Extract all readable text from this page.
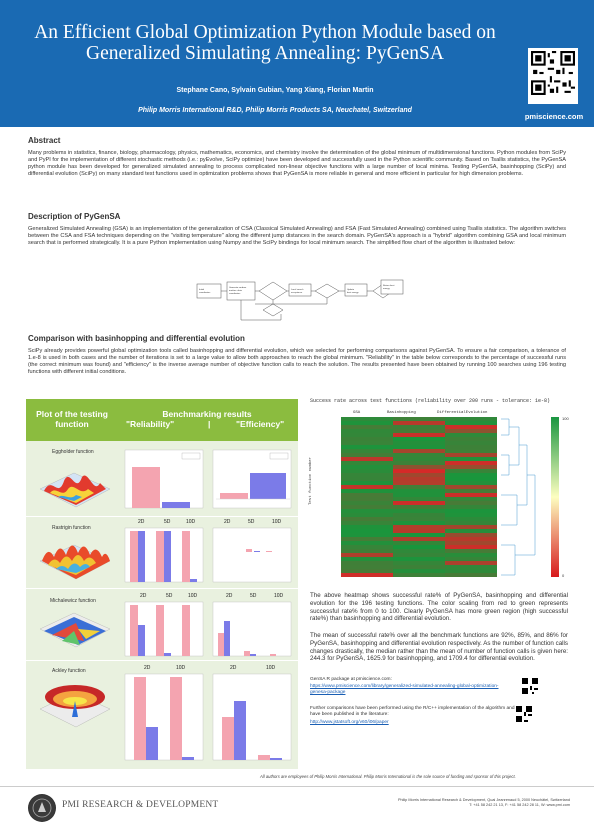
An Efficient Global Optimization Python Module based on
Generalized Simulating Annealing: PyGenSA
Stephane Cano, Sylvain Gubian, Yang Xiang, Florian Martin
Philip Morris International R&D, Philip Morris Products SA, Neuchatel, Switzerland
pmiscience.com
Abstract
Many problems in statistics, finance, biology, pharmacology, physics, mathematics, economics, and chemistry involve the determination of the global minimum of multidimensional functions. Python modules from SciPy and PyPI for the implementation of different stochastic methods (i.e.: pyEvolve, SciPy optimize) have been developed and successfully used in the Python scientific community. Based on Tsallis statistics, the PyGenSA python module has been developed for generalized simulated annealing to process complicated non-linear objective functions with a large number of local minima. Testing PyGenSA, basinhopping (SciPy) and differential evolution (SciPy) on many standard test functions used in optimization problems shows that PyGenSA is more reliable in general and more efficient in particular for high dimension problems.
Description of PyGenSA
Generalized Simulated Annealing (GSA) is an implementation of the generalization of CSA (Classical Simulated Annealing) and FSA (Fast Simulated Annealing) combined using Tsallis statistics. The algorithm switches between the CSA and FSA techniques depending on the "visiting temperature" along the different jump distances in the search domain. PyGenSA's approach is a "hybrid" algorithm combining GSA and local minimum search that is performed strategically. It is a pure Python implementation using Numpy and the SciPy bindings for local minimum search. The simplified flow chart of the algorithm is illustrated below:
Initial
coordinates
Generate random
markov chain
coordinates
Local search
acceptance
Update
best energy
Return best
energy
Comparison with basinhopping and differential evolution
SciPy already provides powerful global optimization tools called basinhopping and differential evolution, which we selected for performing comparisons against PyGenSA. To ensure a fair comparison, a tolerance of 1.e-8 is used in both cases and the number of iterations is set to a large value to allow both approaches to reach the global minimum. "Reliability" in the table below corresponds to the percentage of successful runs (the correct minimum was found) and "efficiency" is the inverse average number of objective function calls to reach the solution. The results presented have been obtained by running 100 searches using 196 testing functions with different initial conditions.
Plot of the testing function
Benchmarking results
"Reliability"	|	"Efficiency"
Eggholder function
Rastrigin function
Michalewicz function
Ackley function
2D	5D	10D	2D	5D	10D
2D	5D	10D	2D	5D	10D
2D	10D	2D	10D
Success rate across test functions (reliability over 200 runs - tolerance: 1e-8)
GSA	Basinhopping	DifferentialEvolution
Test function number
100
0
The above heatmap shows successful rate% of PyGenSA, basinhopping and differential evolution for the 196 testing functions. The color scaling from red to green represents successful rate% from 0 to 100. Clearly PyGenSA has more green region (high successful rate%) than basinhopping and differential evolution.
The mean of successful rate% over all the benchmark functions are 92%, 85%, and 86% for PyGenSA, basinhopping and differential evolution respectively. As the number of function calls changes drastically, the median rather than the mean of number of function calls is given here: 244.3 for PyGenSA, 1625.9 for basinhopping, and 1709.4 for differential evolution.
GenSA R package at pmiscience.com:
https://www.pmiscience.com/library/generalized-simulated-annealing-global-optimization-genesa-package
Further comparisons have been performed using the R/C++ implementation of the algorithm and have been published in the literature:
http://www.jstatsoft.org/v60/i06/paper
All authors are employees of Philip Morris International. Philip Morris International is the sole source of funding and sponsor of this project.
PMI RESEARCH & DEVELOPMENT	Philip Morris International Research & Development, Quai Jeanrenaud 5, 2000 Neuchâtel, Switzerland
T: +41 58 242 21 13, F: +41 58 242 28 11, W: www.pmi.com
